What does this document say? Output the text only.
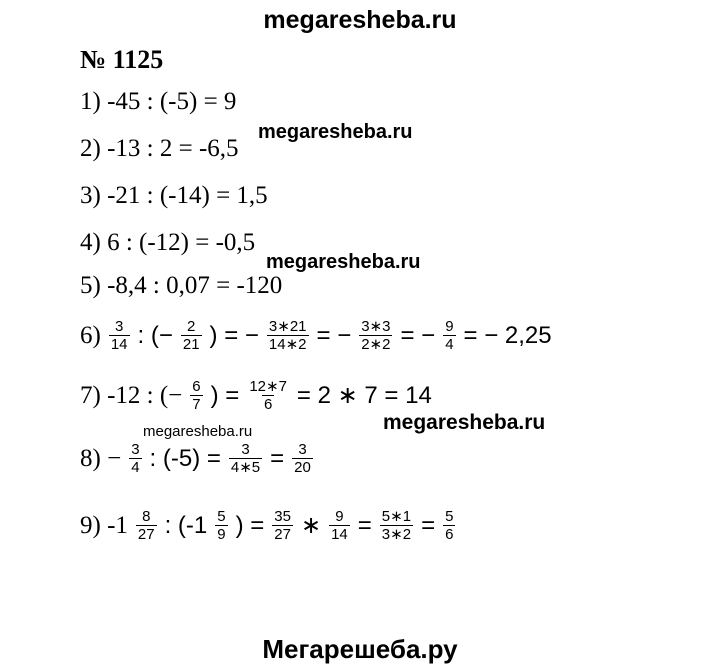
megaresheba.ru
№ 1125
1) -45 : (-5) = 9
2) -13 : 2 = -6,5
3) -21 : (-14) = 1,5
4) 6 : (-12) = -0,5
5) -8,4 : 0,07 = -120
$6) \frac{3}{14}$ : (− $\frac{2}{21}$ ) = − $\frac{3∗21}{14∗2}$ = − $\frac{3∗3}{2∗2}$ = − $\frac{9}{4}$ = − 2,25
7) -12 : (− $\frac{6}{7}$ ) = $\frac{12∗7}{6} = 2$ ∗ 7 = 14
$8) - \frac{3}{4}$ : $(-5) = \frac{3}{4∗5} = \frac{3}{20}$
9) $-1 \frac{8}{27}$ : ($-1 \frac{5}{9}$ ) = $\frac{35}{27}$ ∗ $\frac{9}{14} = \frac{5∗1}{3∗2} = \frac{5}{6}$
megaresheba.ru
megaresheba.ru
megaresheba.ru
megaresheba.ru
Мегарешеба.ру
